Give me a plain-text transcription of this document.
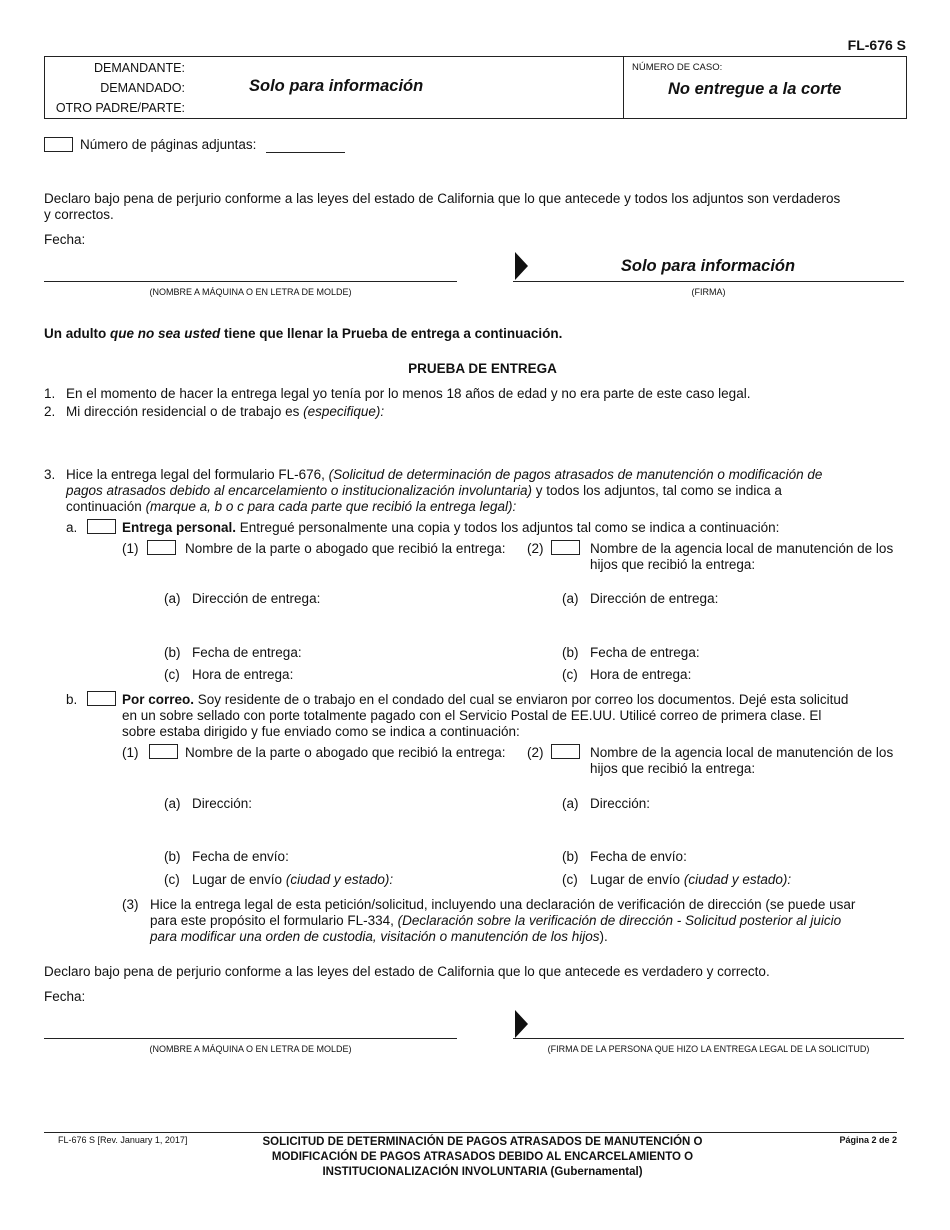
FL-676 S
DEMANDANTE:
DEMANDADO:
OTRO PADRE/PARTE:
Solo para información
NÚMERO DE CASO:
No entregue a la corte
Número de páginas adjuntas:

Declaro bajo pena de perjurio conforme a las leyes del estado de California que lo que antecede y todos los adjuntos son verdaderos

y correctos.

Fecha:
(NOMBRE A MÁQUINA O EN LETRA DE MOLDE)
Solo para información
(FIRMA)
Un adulto que no sea usted tiene que llenar la Prueba de entrega a continuación.
PRUEBA DE ENTREGA
1. En el momento de hacer la entrega legal yo tenía por lo menos 18 años de edad y no era parte de este caso legal.
2. Mi dirección residencial o de trabajo es (especifique):
3. Hice la entrega legal del formulario FL-676, (Solicitud de determinación de pagos atrasados de manutención o modificación de

pagos atrasados debido al encarcelamiento o institucionalización involuntaria) y todos los adjuntos, tal como se indica a

continuación (marque a, b o c para cada parte que recibió la entrega legal):

a.	Entrega personal. Entregué personalmente una copia y todos los adjuntos tal como se indica a continuación:
(1)	Nombre de la parte o abogado que recibió la entrega: (2)	Nombre de la agencia local de manutención de los

hijos que recibió la entrega:

(a) Dirección de entrega:	(a) Dirección de entrega:
(b) Fecha de entrega:	(b) Fecha de entrega:
(c) Hora de entrega:	(c) Hora de entrega:
b.	Por correo. Soy residente de o trabajo en el condado del cual se enviaron por correo los documentos. Dejé esta solicitud

en un sobre sellado con porte totalmente pagado con el Servicio Postal de EE.UU. Utilicé correo de primera clase. El

sobre estaba dirigido y fue enviado como se indica a continuación:

(1)	Nombre de la parte o abogado que recibió la entrega: (2)	Nombre de la agencia local de manutención de los

hijos que recibió la entrega:

(a) Dirección:	(a) Dirección:
(b) Fecha de envío:	(b) Fecha de envío:
(c) Lugar de envío (ciudad y estado):	(c) Lugar de envío (ciudad y estado):
(3) Hice la entrega legal de esta petición/solicitud, incluyendo una declaración de verificación de dirección (se puede usar

para este propósito el formulario FL-334, (Declaración sobre la verificación de dirección - Solicitud posterior al juicio

para modificar una orden de custodia, visitación o manutención de los hijos).

Declaro bajo pena de perjurio conforme a las leyes del estado de California que lo que antecede es verdadero y correcto.
Fecha:
(NOMBRE A MÁQUINA O EN LETRA DE MOLDE)	(FIRMA DE LA PERSONA QUE HIZO LA ENTREGA LEGAL DE LA SOLICITUD)
FL-676 S [Rev. January 1, 2017]	SOLICITUD DE DETERMINACIÓN DE PAGOS ATRASADOS DE MANUTENCIÓN O
MODIFICACIÓN DE PAGOS ATRASADOS DEBIDO AL ENCARCELAMIENTO O
INSTITUCIONALIZACIÓN INVOLUNTARIA (Gubernamental)
Página 2 de 2
